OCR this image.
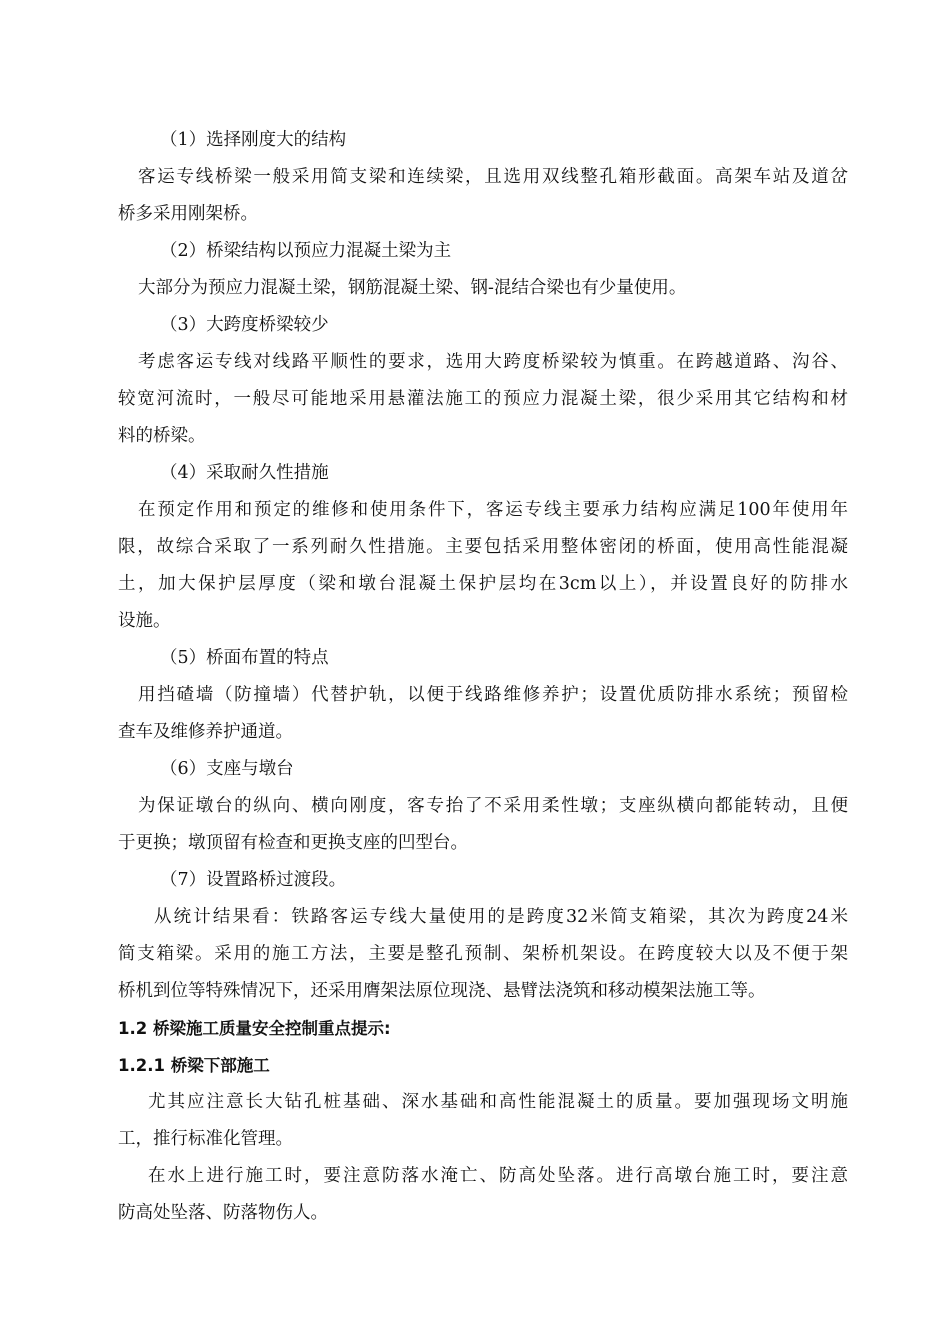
（1）选择刚度大的结构
客运专线桥梁一般采用简支梁和连续梁，且选用双线整孔箱形截面。高架车站及道岔
桥多采用刚架桥。
（2）桥梁结构以预应力混凝土梁为主
大部分为预应力混凝土梁，钢筋混凝土梁、钢-混结合梁也有少量使用。
（3）大跨度桥梁较少
考虑客运专线对线路平顺性的要求，选用大跨度桥梁较为慎重。在跨越道路、沟谷、
较宽河流时，一般尽可能地采用悬灌法施工的预应力混凝土梁，很少采用其它结构和材
料的桥梁。
（4）采取耐久性措施
在预定作用和预定的维修和使用条件下，客运专线主要承力结构应满足100年使用年
限，故综合采取了一系列耐久性措施。主要包括采用整体密闭的桥面，使用高性能混凝
土，加大保护层厚度（梁和墩台混凝土保护层均在3cm以上），并设置良好的防排水
设施。
（5）桥面布置的特点
用挡碴墙（防撞墙）代替护轨，以便于线路维修养护；设置优质防排水系统；预留检
查车及维修养护通道。
（6）支座与墩台
为保证墩台的纵向、横向刚度，客专抬了不采用柔性墩；支座纵横向都能转动，且便
于更换；墩顶留有检查和更换支座的凹型台。
（7）设置路桥过渡段。
从统计结果看：铁路客运专线大量使用的是跨度32米简支箱梁，其次为跨度24米
简支箱梁。采用的施工方法，主要是整孔预制、架桥机架设。在跨度较大以及不便于架
桥机到位等特殊情况下，还采用膺架法原位现浇、悬臂法浇筑和移动模架法施工等。
1.2 桥梁施工质量安全控制重点提示:
1.2.1 桥梁下部施工
尤其应注意长大钻孔桩基础、深水基础和高性能混凝土的质量。要加强现场文明施
工，推行标准化管理。
在水上进行施工时，要注意防落水淹亡、防高处坠落。进行高墩台施工时，要注意
防高处坠落、防落物伤人。
